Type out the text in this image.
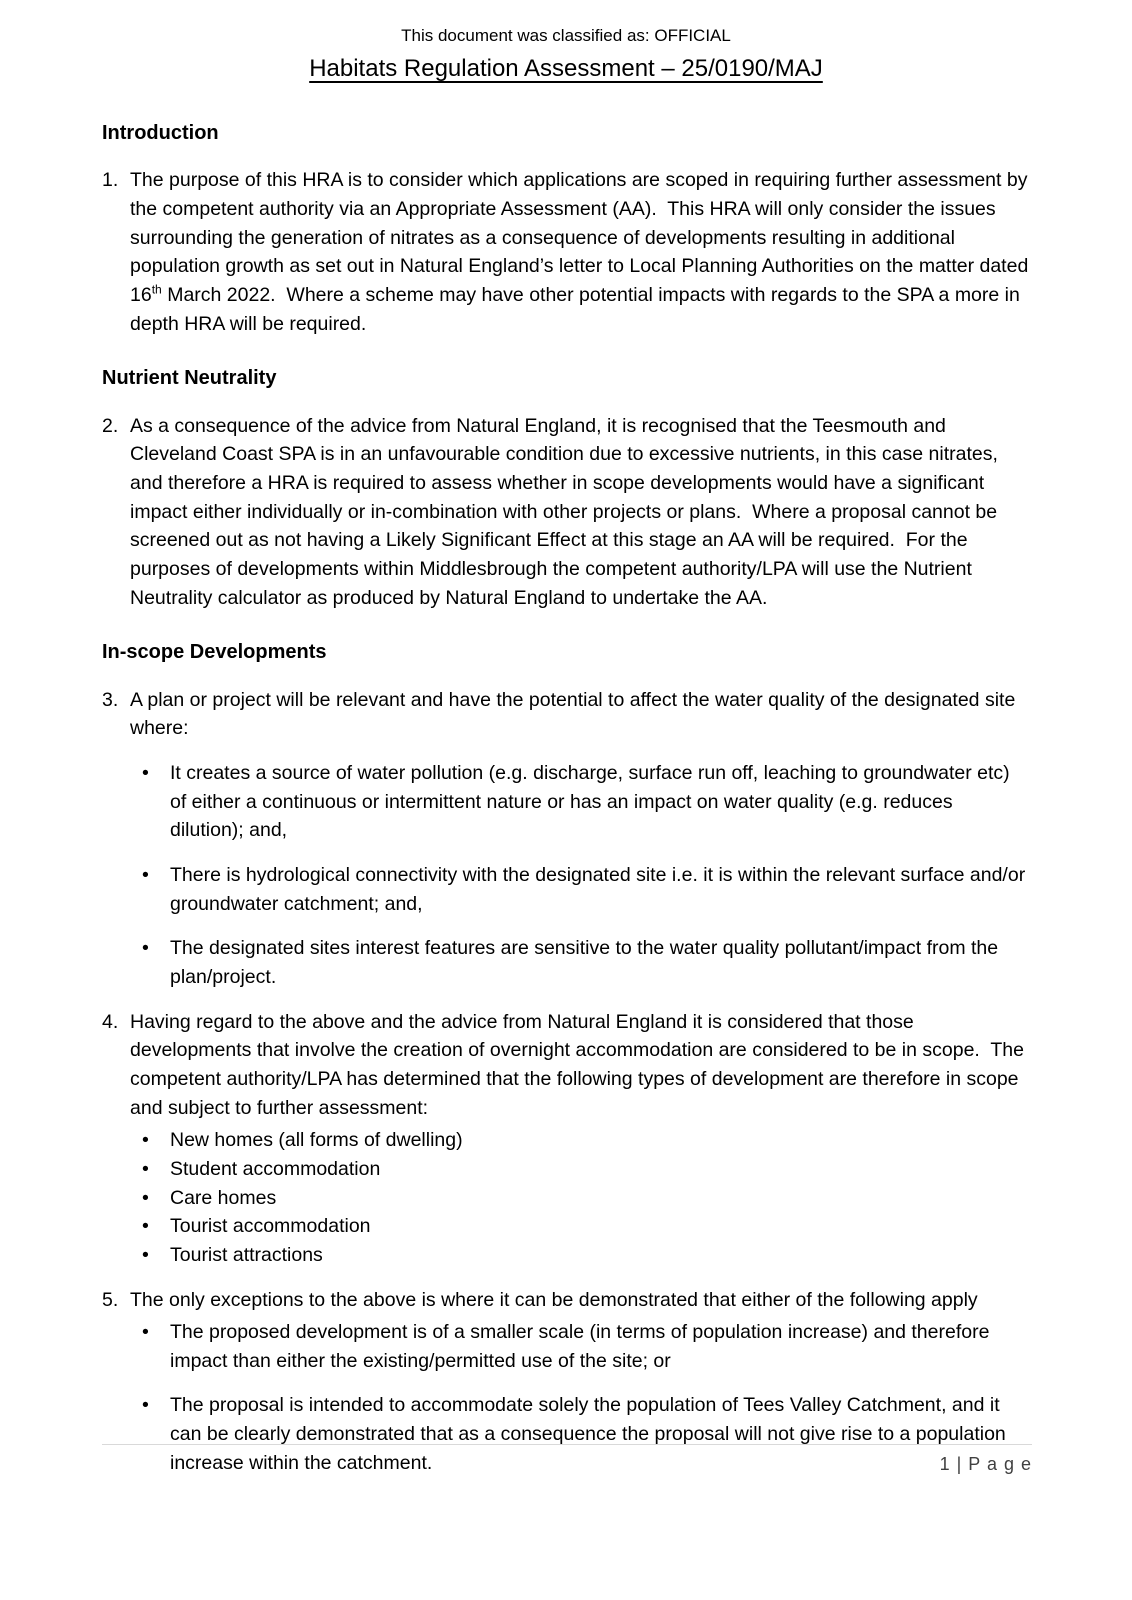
This document was classified as: OFFICIAL
Habitats Regulation Assessment – 25/0190/MAJ
Introduction
1. The purpose of this HRA is to consider which applications are scoped in requiring further assessment by the competent authority via an Appropriate Assessment (AA).  This HRA will only consider the issues surrounding the generation of nitrates as a consequence of developments resulting in additional population growth as set out in Natural England’s letter to Local Planning Authorities on the matter dated 16th March 2022.  Where a scheme may have other potential impacts with regards to the SPA a more in depth HRA will be required.
Nutrient Neutrality
2. As a consequence of the advice from Natural England, it is recognised that the Teesmouth and Cleveland Coast SPA is in an unfavourable condition due to excessive nutrients, in this case nitrates, and therefore a HRA is required to assess whether in scope developments would have a significant impact either individually or in-combination with other projects or plans.  Where a proposal cannot be screened out as not having a Likely Significant Effect at this stage an AA will be required.  For the purposes of developments within Middlesbrough the competent authority/LPA will use the Nutrient Neutrality calculator as produced by Natural England to undertake the AA.
In-scope Developments
3. A plan or project will be relevant and have the potential to affect the water quality of the designated site where:
•	It creates a source of water pollution (e.g. discharge, surface run off, leaching to groundwater etc) of either a continuous or intermittent nature or has an impact on water quality (e.g. reduces dilution); and,
•	There is hydrological connectivity with the designated site i.e. it is within the relevant surface and/or groundwater catchment; and,
•	The designated sites interest features are sensitive to the water quality pollutant/impact from the plan/project.
4. Having regard to the above and the advice from Natural England it is considered that those developments that involve the creation of overnight accommodation are considered to be in scope.  The competent authority/LPA has determined that the following types of development are therefore in scope and subject to further assessment:
•	New homes (all forms of dwelling)
•	Student accommodation
•	Care homes
•	Tourist accommodation
•	Tourist attractions
5. The only exceptions to the above is where it can be demonstrated that either of the following apply
•	The proposed development is of a smaller scale (in terms of population increase) and therefore impact than either the existing/permitted use of the site; or
•	The proposal is intended to accommodate solely the population of Tees Valley Catchment, and it can be clearly demonstrated that as a consequence the proposal will not give rise to a population increase within the catchment.	1 | P a g e
